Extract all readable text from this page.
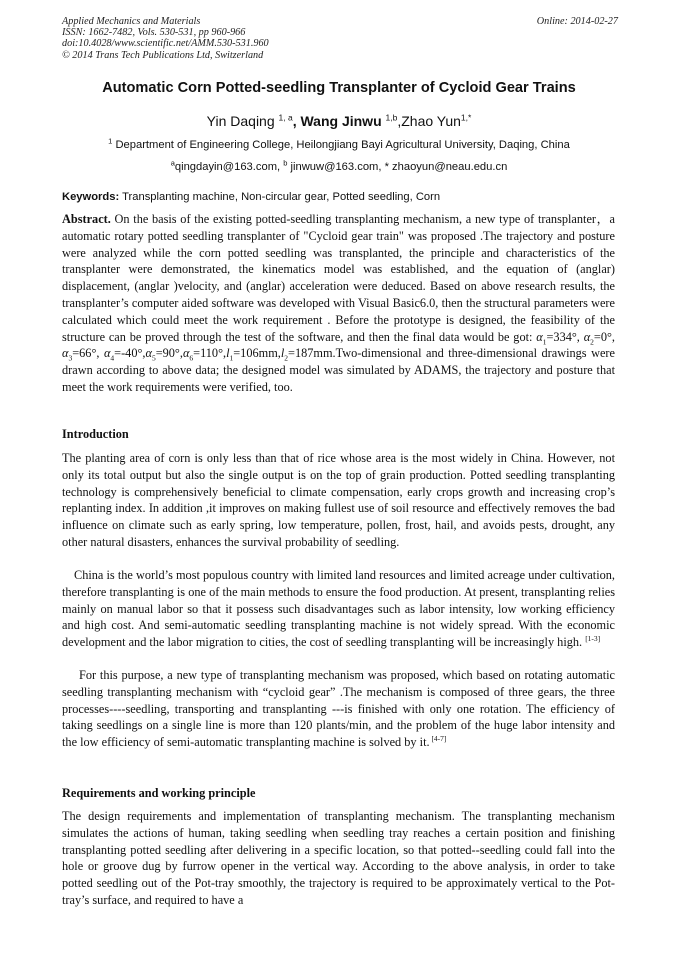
Applied Mechanics and Materials
ISSN: 1662-7482, Vols. 530-531, pp 960-966
doi:10.4028/www.scientific.net/AMM.530-531.960
© 2014 Trans Tech Publications Ltd, Switzerland
Online: 2014-02-27
Automatic Corn Potted-seedling Transplanter of Cycloid Gear Trains
Yin Daqing $^{1, a}$, Wang Jinwu $^{1,b}$,Zhao Yun$^{1,*}$
$^1$ Department of Engineering College, Heilongjiang Bayi Agricultural University, Daqing, China
$^a$qingdayin@163.com, $^b$ jinwuw@163.com, * zhaoyun@neau.edu.cn
Keywords: Transplanting machine, Non-circular gear, Potted seedling, Corn
Abstract. On the basis of the existing potted-seedling transplanting mechanism, a new type of transplanter，a automatic rotary potted seedling transplanter of "Cycloid gear train" was proposed .The trajectory and posture were analyzed while the corn potted seedling was transplanted, the principle and characteristics of the transplanter were demonstrated, the kinematics model was established, and the equation of (anglar) displacement, (anglar )velocity, and (anglar) acceleration were deduced. Based on above research results, the transplanter’s computer aided software was developed with Visual Basic6.0, then the structural parameters were calculated which could meet the work requirement . Before the prototype is designed, the feasibility of the structure can be proved through the test of the software, and then the final data would be got: $\alpha_1=334^\circ$, $\alpha_2=0^\circ$, $\alpha_3=66^\circ$, $\alpha_4=-40^\circ,\alpha_5=90^\circ,\alpha_6=110^\circ,l_1=106mm,l_2=187mm.Two$-dimensional and three-dimensional drawings were drawn according to above data; the designed model was simulated by ADAMS, the trajectory and posture that meet the work requirements were verified, too.
Introduction
The planting area of corn is only less than that of rice whose area is the most widely in China. However, not only its total output but also the single output is on the top of grain production. Potted seedling transplanting technology is comprehensively beneficial to climate compensation, early crops growth and increasing crop’s replanting index. In addition ,it improves on making fullest use of soil resource and effectively removes the bad influence on climate such as early spring, low temperature, pollen, frost, hail, and avoids pests, drought, any other natural disasters, enhances the survival probability of seedling.
China is the world’s most populous country with limited land resources and limited acreage under cultivation, therefore transplanting is one of the main methods to ensure the food production. At present, transplanting relies mainly on manual labor so that it possess such disadvantages such as labor intensity, low working efficiency and high cost. And semi-automatic seedling transplanting machine is not widely spread. With the economic development and the labor migration to cities, the cost of seedling transplanting will be increasingly high. [1-3]
For this purpose, a new type of transplanting mechanism was proposed, which based on rotating automatic seedling transplanting mechanism with “cycloid gear” .The mechanism is composed of three gears, the three processes----seedling, transporting and transplanting ---is finished with only one rotation. The efficiency of taking seedlings on a single line is more than 120 plants/min, and the problem of the huge labor intensity and the low efficiency of semi-automatic transplanting machine is solved by it. [4-7]
Requirements and working principle
The design requirements and implementation of transplanting mechanism. The transplanting mechanism simulates the actions of human, taking seedling when seedling tray reaches a certain position and finishing transplanting potted seedling after delivering in a specific location, so that potted--seedling could fall into the hole or groove dug by furrow opener in the vertical way. According to the above analysis, in order to take potted seedling out of the Pot-tray smoothly, the trajectory is required to be approximately vertical to the Pot-tray’s surface, and required to have a
